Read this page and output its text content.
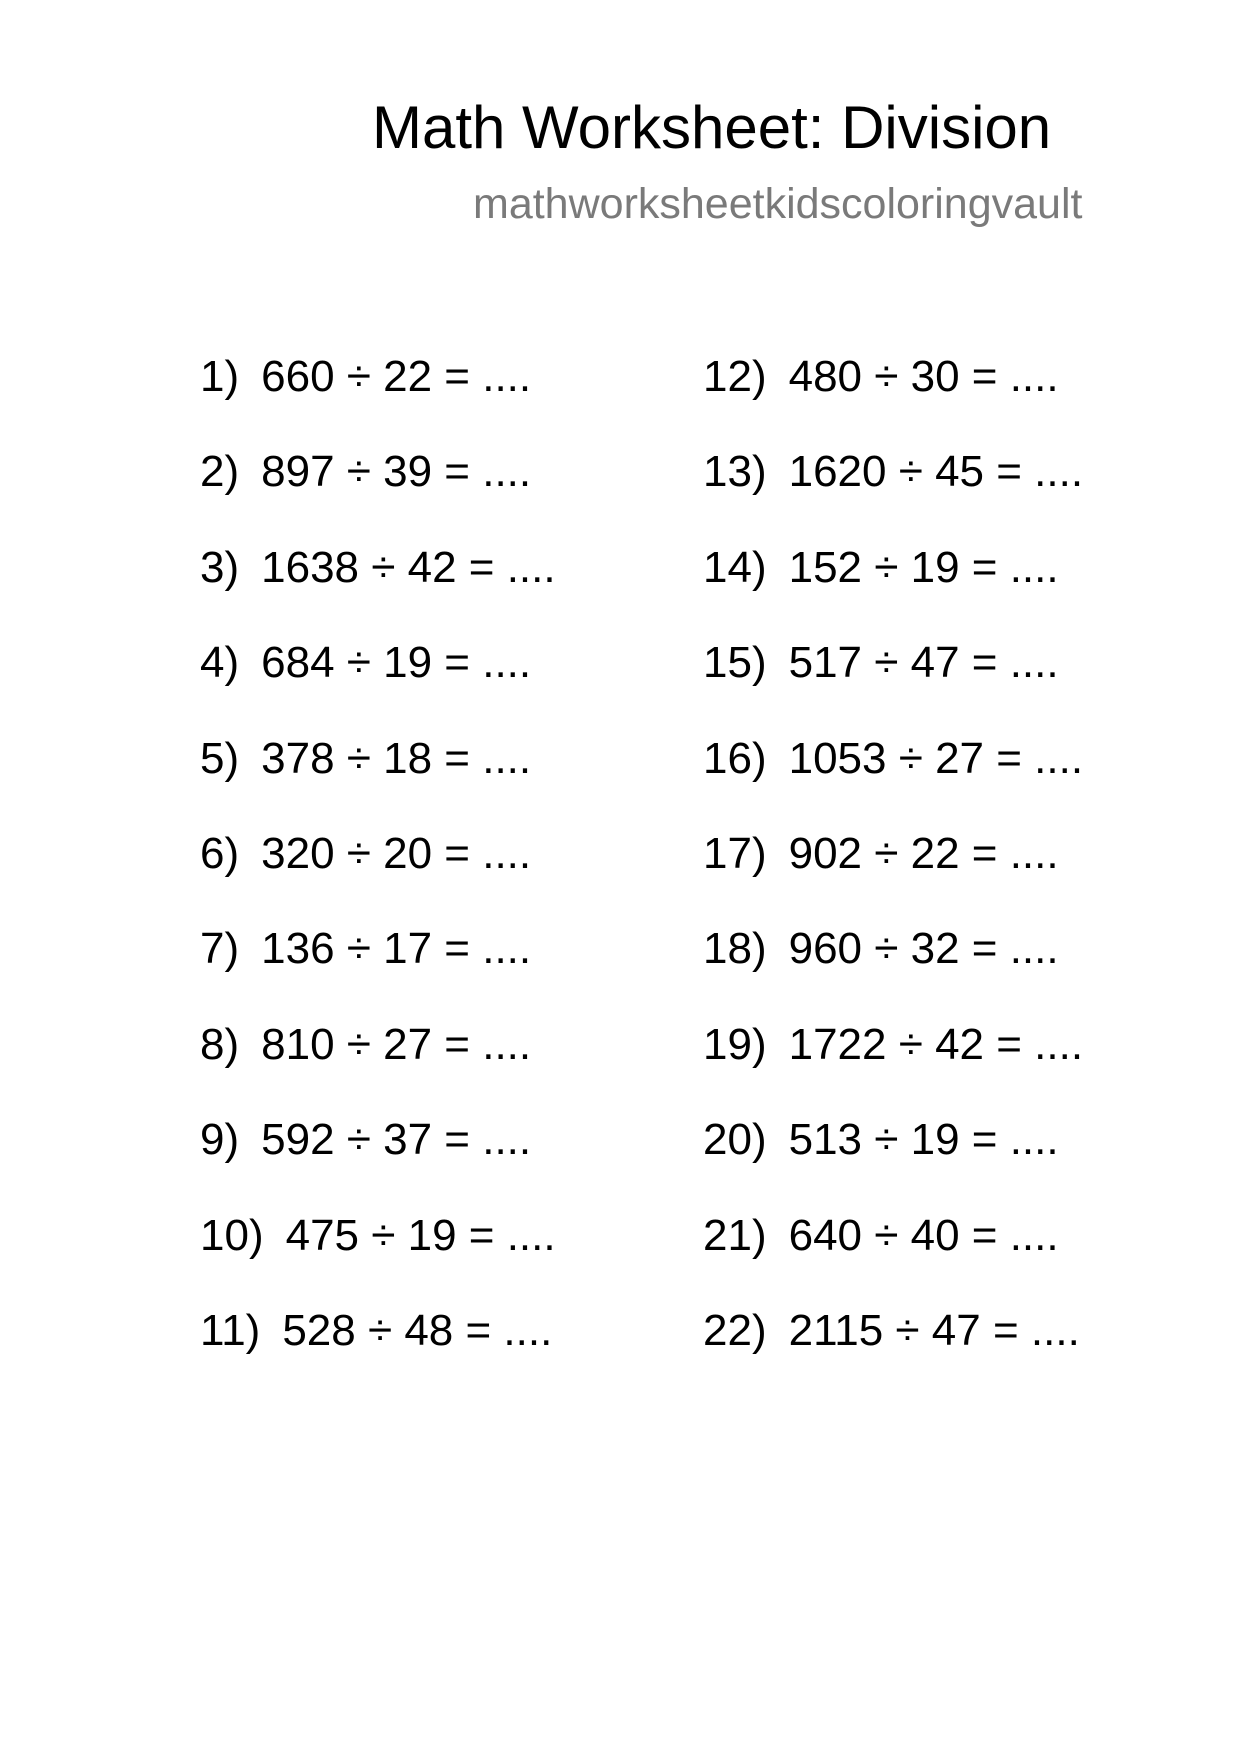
Math Worksheet: Division
mathworksheetkidscoloringvault
1) 660 ÷ 22 = ....
2) 897 ÷ 39 = ....
3) 1638 ÷ 42 = ....
4) 684 ÷ 19 = ....
5) 378 ÷ 18 = ....
6) 320 ÷ 20 = ....
7) 136 ÷ 17 = ....
8) 810 ÷ 27 = ....
9) 592 ÷ 37 = ....
10) 475 ÷ 19 = ....
11) 528 ÷ 48 = ....
12) 480 ÷ 30 = ....
13) 1620 ÷ 45 = ....
14) 152 ÷ 19 = ....
15) 517 ÷ 47 = ....
16) 1053 ÷ 27 = ....
17) 902 ÷ 22 = ....
18) 960 ÷ 32 = ....
19) 1722 ÷ 42 = ....
20) 513 ÷ 19 = ....
21) 640 ÷ 40 = ....
22) 2115 ÷ 47 = ....
